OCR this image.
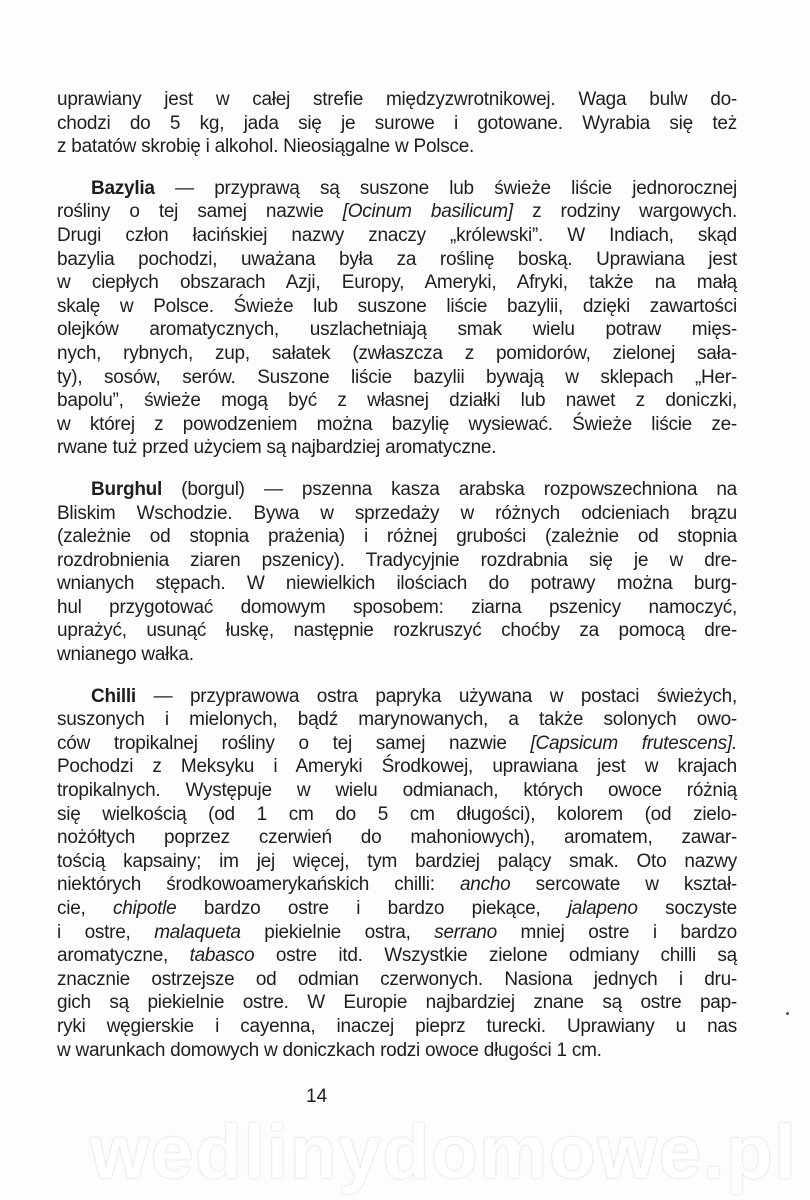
uprawiany jest w całej strefie międzyzwrotnikowej. Waga bulw do-
chodzi do 5 kg, jada się je surowe i gotowane. Wyrabia się też
z batatów skrobię i alkohol. Nieosiągalne w Polsce.
Bazylia — przyprawą są suszone lub świeże liście jednorocznej
rośliny o tej samej nazwie [Ocinum basilicum] z rodziny wargowych.
Drugi człon łacińskiej nazwy znaczy „królewski”. W Indiach, skąd
bazylia pochodzi, uważana była za roślinę boską. Uprawiana jest
w ciepłych obszarach Azji, Europy, Ameryki, Afryki, także na małą
skalę w Polsce. Świeże lub suszone liście bazylii, dzięki zawartości
olejków aromatycznych, uszlachetniają smak wielu potraw mięs-
nych, rybnych, zup, sałatek (zwłaszcza z pomidorów, zielonej sała-
ty), sosów, serów. Suszone liście bazylii bywają w sklepach „Her-
bapolu”, świeże mogą być z własnej działki lub nawet z doniczki,
w której z powodzeniem można bazylię wysiewać. Świeże liście ze-
rwane tuż przed użyciem są najbardziej aromatyczne.
Burghul (borgul) — pszenna kasza arabska rozpowszechniona na
Bliskim Wschodzie. Bywa w sprzedaży w różnych odcieniach brązu
(zależnie od stopnia prażenia) i różnej grubości (zależnie od stopnia
rozdrobnienia ziaren pszenicy). Tradycyjnie rozdrabnia się je w dre-
wnianych stępach. W niewielkich ilościach do potrawy można burg-
hul przygotować domowym sposobem: ziarna pszenicy namoczyć,
uprażyć, usunąć łuskę, następnie rozkruszyć choćby za pomocą dre-
wnianego wałka.
Chilli — przyprawowa ostra papryka używana w postaci świeżych,
suszonych i mielonych, bądź marynowanych, a także solonych owo-
ców tropikalnej rośliny o tej samej nazwie [Capsicum frutescens].
Pochodzi z Meksyku i Ameryki Środkowej, uprawiana jest w krajach
tropikalnych. Występuje w wielu odmianach, których owoce różnią
się wielkością (od 1 cm do 5 cm długości), kolorem (od zielo-
nożółtych poprzez czerwień do mahoniowych), aromatem, zawar-
tością kapsainy; im jej więcej, tym bardziej palący smak. Oto nazwy
niektórych środkowoamerykańskich chilli: ancho sercowate w kształ-
cie, chipotle bardzo ostre i bardzo piekące, jalapeno soczyste
i ostre, malaqueta piekielnie ostra, serrano mniej ostre i bardzo
aromatyczne, tabasco ostre itd. Wszystkie zielone odmiany chilli są
znacznie ostrzejsze od odmian czerwonych. Nasiona jednych i dru-
gich są piekielnie ostre. W Europie najbardziej znane są ostre pap-
ryki węgierskie i cayenna, inaczej pieprz turecki. Uprawiany u nas
w warunkach domowych w doniczkach rodzi owoce długości 1 cm.
14
wedlinydomowe.pl
